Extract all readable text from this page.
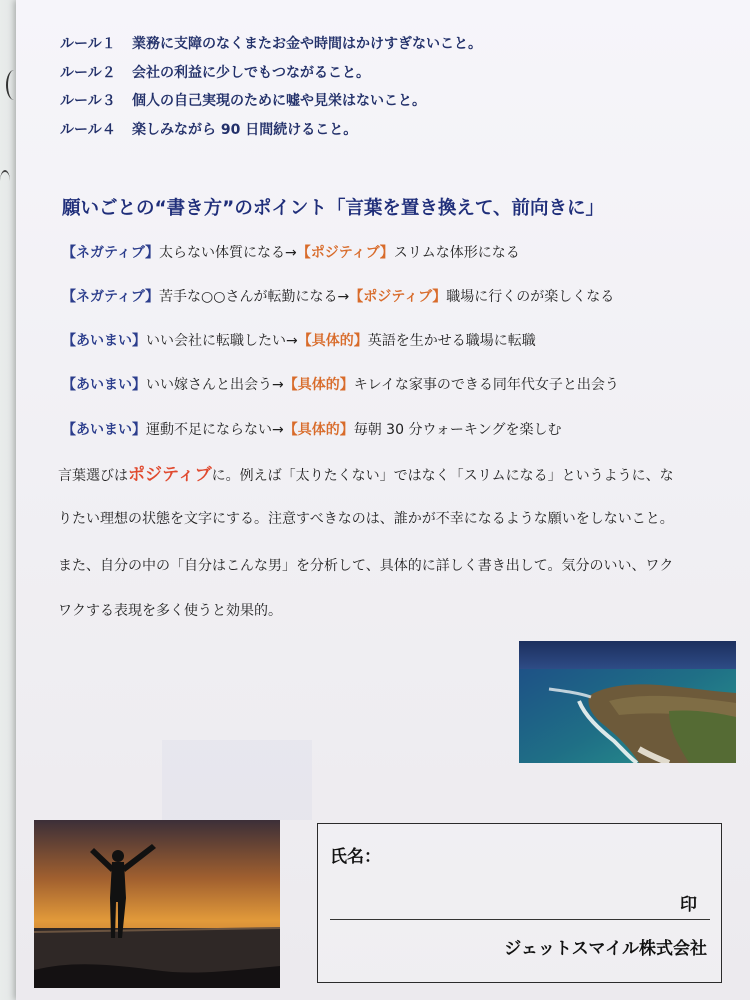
ルール１	業務に支障のなくまたお金や時間はかけすぎないこと。
ルール２	会社の利益に少しでもつながること。
ルール３	個人の自己実現のために嘘や見栄はないこと。
ルール４	楽しみながら 90 日間続けること。
願いごとの“書き方”のポイント「言葉を置き換えて、前向きに」
【ネガティブ】太らない体質になる→【ポジティブ】スリムな体形になる
【ネガティブ】苦手な○○さんが転勤になる→【ポジティブ】職場に行くのが楽しくなる
【あいまい】いい会社に転職したい→【具体的】英語を生かせる職場に転職
【あいまい】いい嫁さんと出会う→【具体的】キレイな家事のできる同年代女子と出会う
【あいまい】運動不足にならない→【具体的】毎朝 30 分ウォーキングを楽しむ
言葉選びはポジティブに。例えば「太りたくない」ではなく「スリムになる」というように、な
りたい理想の状態を文字にする。注意すべきなのは、誰かが不幸になるような願いをしないこと。
また、自分の中の「自分はこんな男」を分析して、具体的に詳しく書き出して。気分のいい、ワク
ワクする表現を多く使うと効果的。
氏名：
印
ジェットスマイル株式会社
